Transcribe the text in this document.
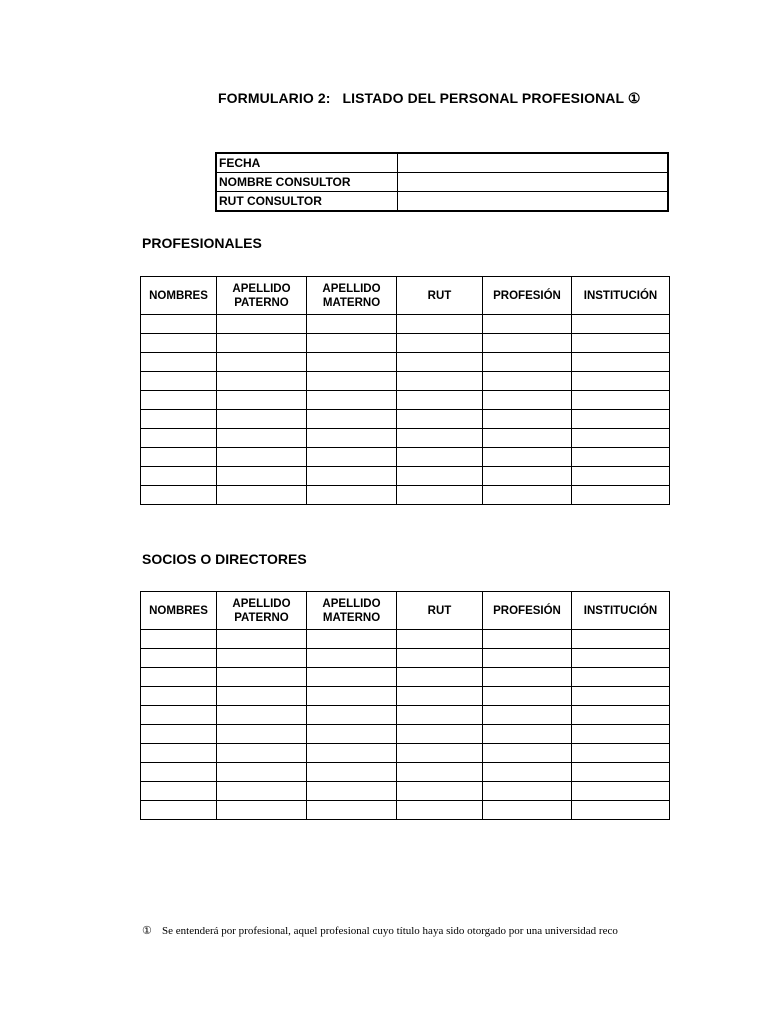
FORMULARIO 2:   LISTADO DEL PERSONAL PROFESIONAL ①
FECHA	
NOMBRE CONSULTOR	
RUT CONSULTOR	
PROFESIONALES
NOMBRES	APELLIDO PATERNO	APELLIDO MATERNO	RUT	PROFESIÓN	INSTITUCIÓN

SOCIOS O DIRECTORES
NOMBRES	APELLIDO PATERNO	APELLIDO MATERNO	RUT	PROFESIÓN	INSTITUCIÓN

① Se entenderá por profesional, aquel profesional cuyo título haya sido otorgado por una universidad reco
